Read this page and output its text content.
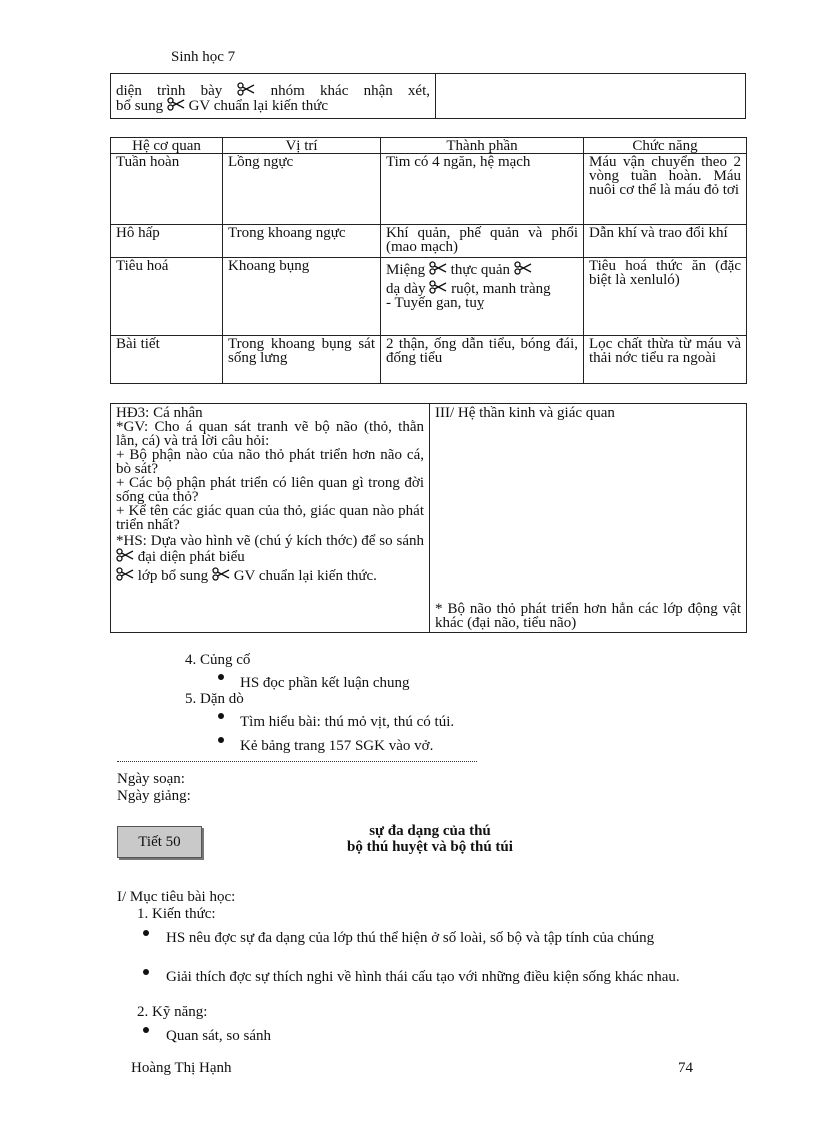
Sinh học 7
diện trình bày	nhóm khác nhận xét,
bổ sung GV chuẩn lại kiến thức

Hệ cơ quan	Vị trí	Thành phần	Chức năng
Tuần hoàn	Lồng ngực	Tim có 4 ngăn, hệ mạch	Máu vận chuyển theo 2 vòng tuần hoàn. Máu nuôi cơ thể là máu đỏ tơi
Hô hấp	Trong khoang ngực	Khí quản, phế quản và phổi (mao mạch)	Dẫn khí và trao đổi khí
Tiêu hoá	Khoang bụng	Miệng thực quản
dạ dày ruột, manh tràng
- Tuyến gan, tuỵ	Tiêu hoá thức ăn (đặc biệt là xenluló)
Bài tiết	Trong khoang bụng sát sống lưng	2 thận, ống dẫn tiểu, bóng đái, đống tiểu	Lọc chất thừa từ máu và thải nớc tiểu ra ngoài
HĐ3: Cá nhân
*GV: Cho á quan sát tranh vẽ bộ não (thỏ, thằn lằn, cá) và trả lời câu hỏi:
+ Bộ phận nào của não thỏ phát triển hơn não cá, bò sát?
+ Các bộ phận phát triển có liên quan gì trong đời sống của thỏ?
+ Kể tên các giác quan của thỏ, giác quan nào phát triển nhất?
*HS: Dựa vào hình vẽ (chú ý kích thớc) để so sánh  đại diện phát biểu
lớp bổ sung GV chuẩn lại kiến thức.

III/ Hệ thần kinh và giác quan
* Bộ não thỏ phát triển hơn hẳn các lớp động vật khác (đại não, tiểu não)
4. Củng cố
HS đọc phần kết luận chung
5. Dặn dò
Tìm hiểu bài: thú mỏ vịt, thú có túi.
Kẻ bảng trang 157 SGK vào vở.
Ngày soạn:
Ngày giảng:
Tiết 50
sự đa dạng của thú
bộ thú huyệt và bộ thú túi
I/ Mục tiêu bài học:
1. Kiến thức:
HS nêu đợc sự đa dạng của lớp thú thể hiện ở số loài, số bộ và tập tính của chúng
Giải thích đợc sự thích nghi về hình thái cấu tạo với những điều kiện sống khác nhau.
2. Kỹ năng:
Quan sát, so sánh
Hoàng Thị Hạnh	74
